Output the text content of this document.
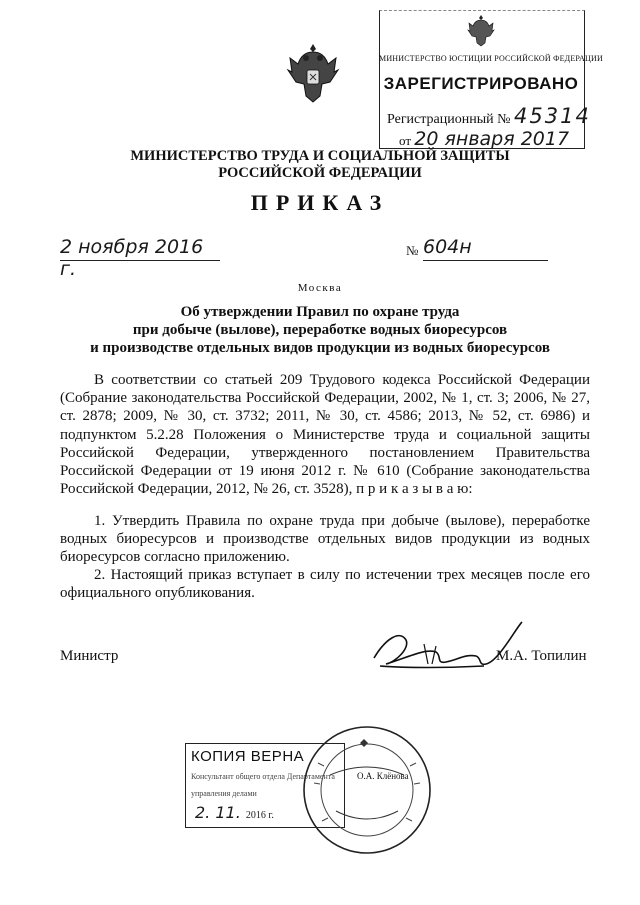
МИНИСТЕРСТВО ЮСТИЦИИ РОССИЙСКОЙ ФЕДЕРАЦИИ
ЗАРЕГИСТРИРОВАНО
Регистрационный № 45314
от 20 января 2017
МИНИСТЕРСТВО ТРУДА И СОЦИАЛЬНОЙ ЗАЩИТЫ
РОССИЙСКОЙ ФЕДЕРАЦИИ
ПРИКАЗ
2 ноября 2016 г.
№ 604н
Москва
Об утверждении Правил по охране труда
при добыче (вылове), переработке водных биоресурсов
и производстве отдельных видов продукции из водных биоресурсов
В соответствии со статьей 209 Трудового кодекса Российской Федерации (Собрание законодательства Российской Федерации, 2002, № 1, ст. 3; 2006, № 27, ст. 2878; 2009, № 30, ст. 3732; 2011, № 30, ст. 4586; 2013, № 52, ст. 6986) и подпунктом 5.2.28 Положения о Министерстве труда и социальной защиты Российской Федерации, утвержденного постановлением Правительства Российской Федерации от 19 июня 2012 г. № 610 (Собрание законодательства Российской Федерации, 2012, № 26, ст. 3528), п р и к а з ы в а ю:
1. Утвердить Правила по охране труда при добыче (вылове), переработке водных биоресурсов и производстве отдельных видов продукции из водных биоресурсов согласно приложению.
2. Настоящий приказ вступает в силу по истечении трех месяцев после его официального опубликования.
Министр	М.А. Топилин
КОПИЯ ВЕРНА
Консультант общего отдела Департамента
управления делами
2. 11. 2016 г.
О.А. Клёнова
